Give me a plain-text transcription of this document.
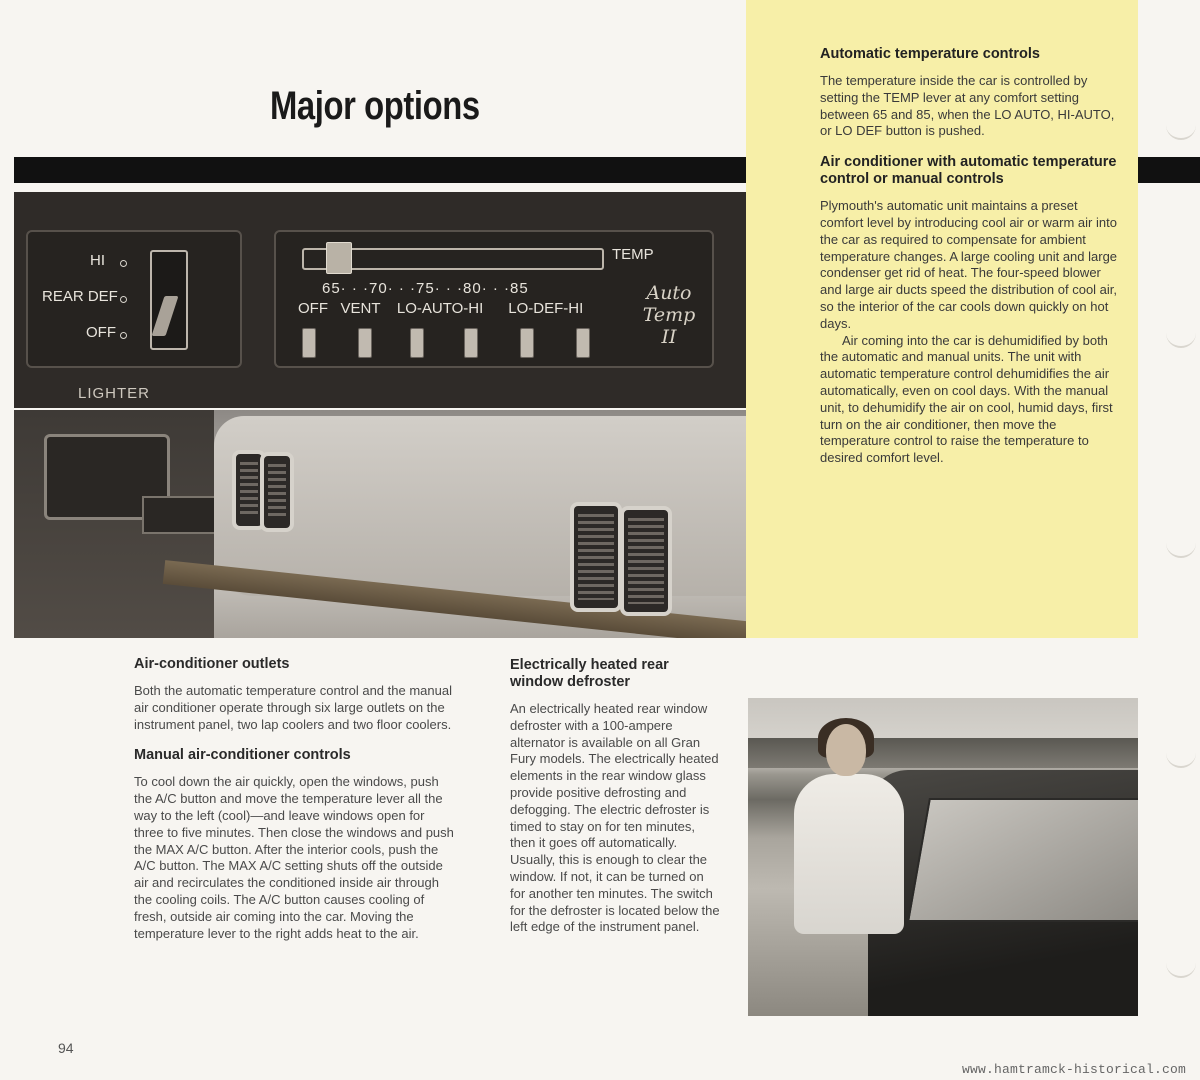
Automatic temperature controls
The temperature inside the car is controlled by setting the TEMP lever at any comfort setting between 65 and 85, when the LO AUTO, HI-AUTO, or LO DEF button is pushed.
Air conditioner with automatic temperature control or manual controls
Plymouth's automatic unit maintains a preset comfort level by introducing cool air or warm air into the car as required to compensate for ambient temperature changes. A large cooling unit and large condenser get rid of heat. The four-speed blower and large air ducts speed the distribution of cool air, so the interior of the car cools down quickly on hot days.
Air coming into the car is dehumidified by both the automatic and manual units. The unit with automatic temperature control dehumidifies the air automatically, even on cool days. With the manual unit, to dehumidify the air on cool, humid days, first turn on the air conditioner, then move the temperature control to raise the temperature to desired comfort level.
Major options
HI
REAR DEF
OFF
TEMP
65· · ·70· · ·75· · ·80· · ·85
OFF   VENT    LO-AUTO-HI      LO-DEF-HI
Auto
Temp II
LIGHTER
Air-conditioner outlets
Both the automatic temperature control and the manual air conditioner operate through six large outlets on the instrument panel, two lap coolers and two floor coolers.
Manual air-conditioner controls
To cool down the air quickly, open the windows, push the A/C button and move the temperature lever all the way to the left (cool)—and leave windows open for three to five minutes. Then close the windows and push the MAX A/C button. After the interior cools, push the A/C button. The MAX A/C setting shuts off the outside air and recirculates the conditioned inside air through the cooling coils. The A/C button causes cooling of fresh, outside air coming into the car. Moving the temperature lever to the right adds heat to the air.
Electrically heated rear window defroster
An electrically heated rear window defroster with a 100-ampere alternator is available on all Gran Fury models. The electrically heated elements in the rear window glass provide positive defrosting and defogging. The electric defroster is timed to stay on for ten minutes, then it goes off automatically. Usually, this is enough to clear the window. If not, it can be turned on for another ten minutes. The switch for the defroster is located below the left edge of the instrument panel.
94
www.hamtramck-historical.com
